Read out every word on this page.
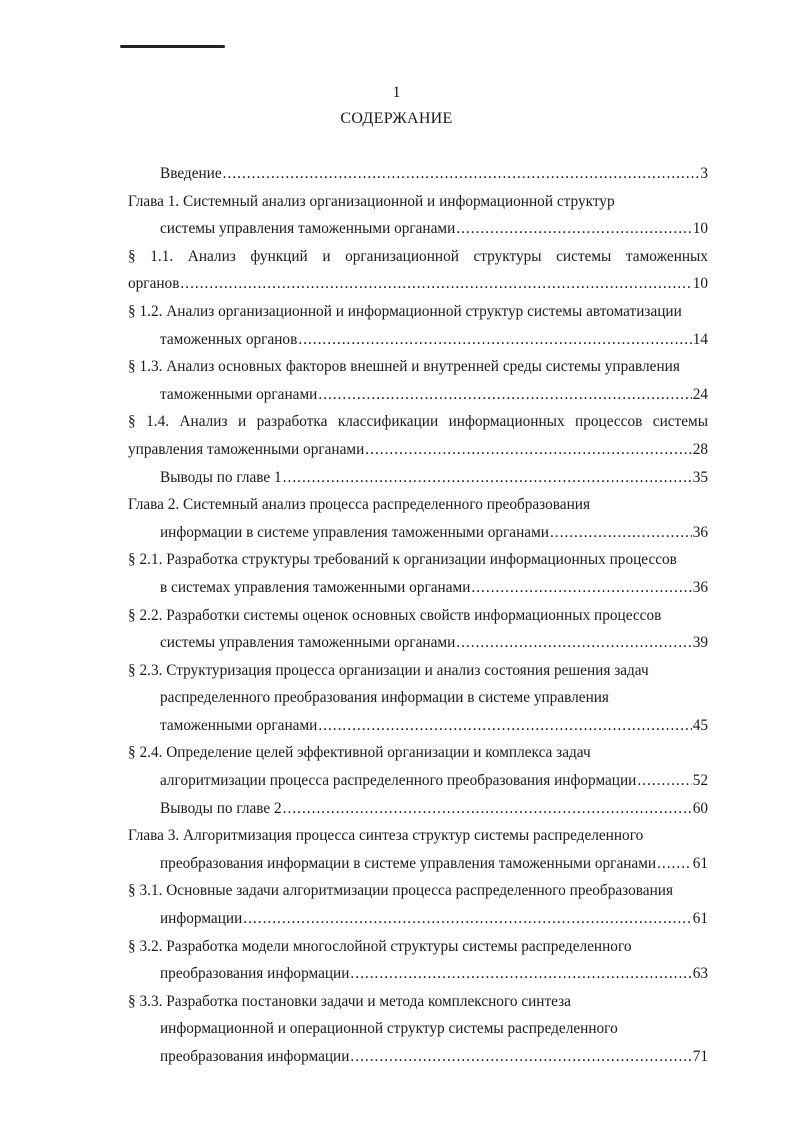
1
СОДЕРЖАНИЕ
Введение .....	3
Глава 1. Системный анализ организационной и информационной структур
системы управления таможенными органами .....	10
§ 1.1. Анализ функций и организационной структуры системы таможенных
органов .....	10
§ 1.2. Анализ организационной и информационной структур системы автоматизации
таможенных органов .....	14
§ 1.3. Анализ основных факторов внешней и внутренней среды системы управления
таможенными органами .....	24
§ 1.4. Анализ и разработка классификации информационных процессов системы
управления таможенными органами .....	28
Выводы по главе 1 .....	35
Глава 2. Системный анализ процесса распределенного преобразования
информации в системе управления таможенными органами .....	36
§ 2.1. Разработка структуры требований к организации информационных процессов
в системах управления таможенными органами .....	36
§ 2.2. Разработки системы оценок основных свойств информационных процессов
системы управления таможенными органами .....	39
§ 2.3. Структуризация процесса организации и анализ состояния решения задач
распределенного преобразования информации в системе управления
таможенными органами .....	45
§ 2.4. Определение целей эффективной организации и комплекса задач
алгоритмизации процесса распределенного преобразования информации .....	52
Выводы по главе 2 .....	60
Глава 3. Алгоритмизация процесса синтеза структур системы распределенного
преобразования информации в системе управления таможенными органами ..... 61
§ 3.1. Основные задачи алгоритмизации процесса распределенного преобразования
информации .....	61
§ 3.2. Разработка модели многослойной структуры системы распределенного
преобразования информации .....	63
§ 3.3. Разработка постановки задачи и метода комплексного синтеза
информационной и операционной структур системы распределенного
преобразования информации .....	71
